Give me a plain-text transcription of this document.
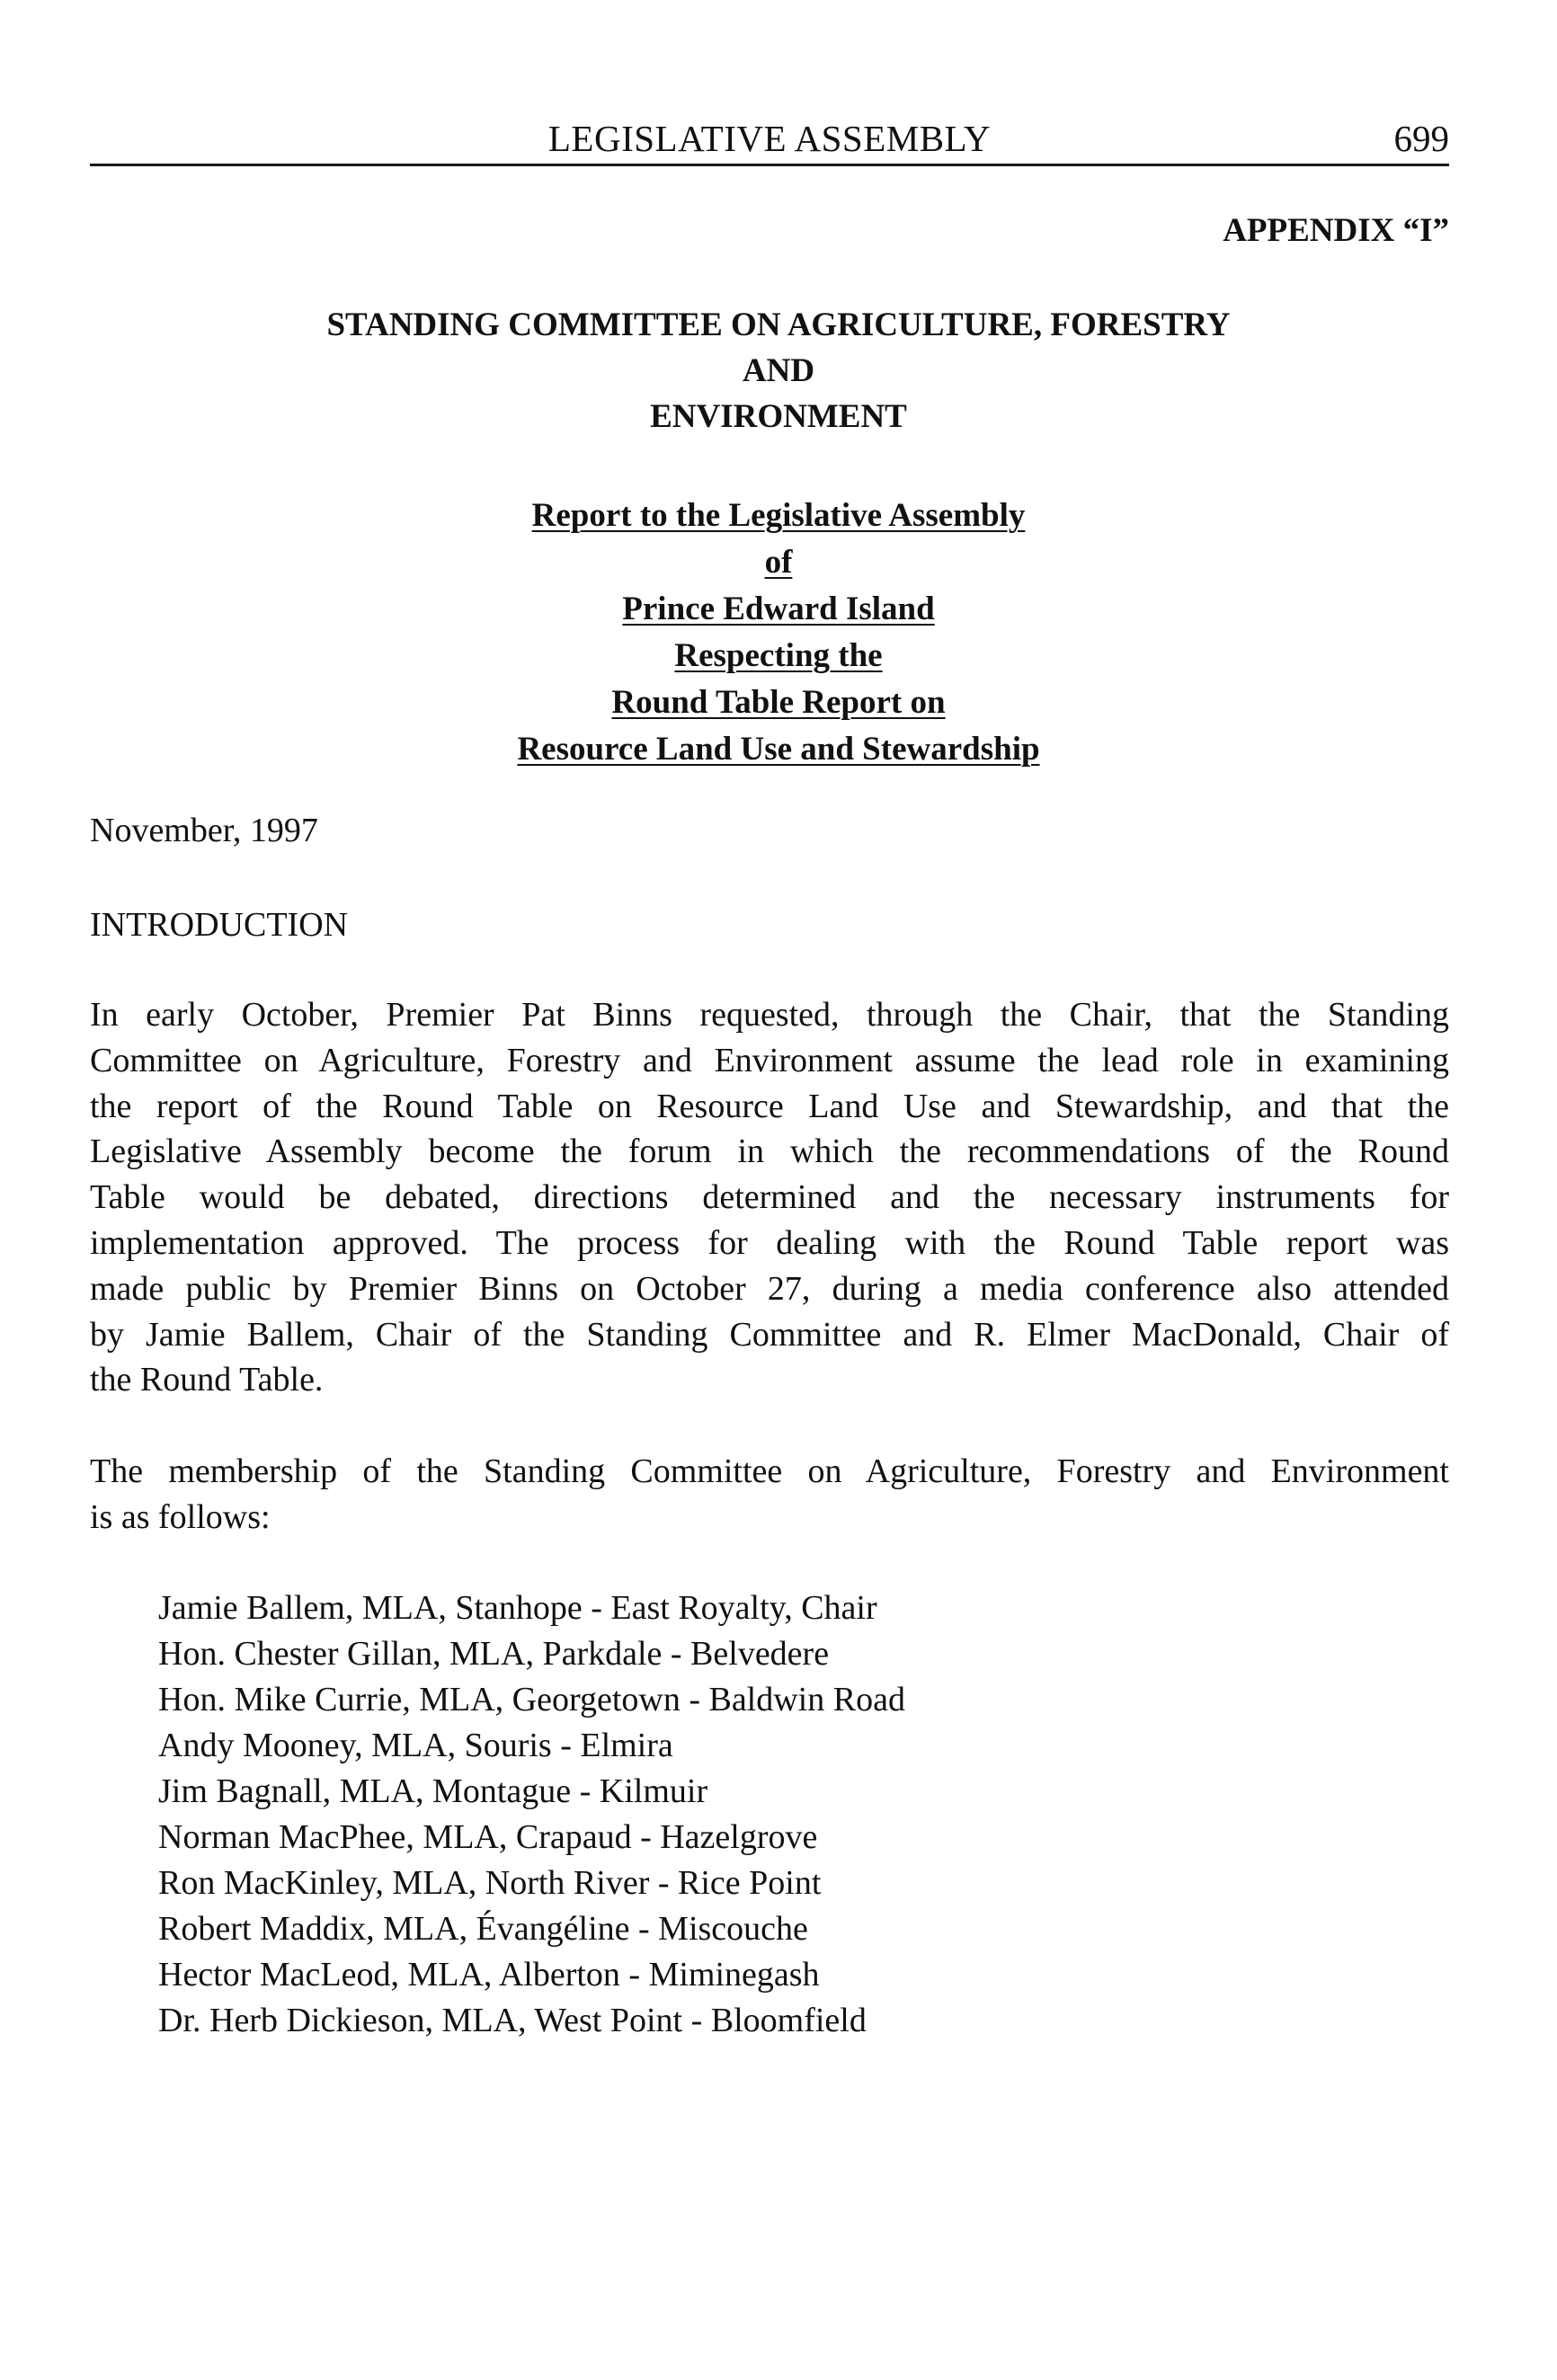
LEGISLATIVE ASSEMBLY	699
APPENDIX “I”
STANDING COMMITTEE ON AGRICULTURE, FORESTRY
AND
ENVIRONMENT
Report to the Legislative Assembly
of
Prince Edward Island
Respecting the
Round Table Report on
Resource Land Use and Stewardship
November, 1997
INTRODUCTION
In early October, Premier Pat Binns requested, through the Chair, that the Standing
Committee on Agriculture, Forestry and Environment assume the lead role in examining
the report of the Round Table on Resource Land Use and Stewardship, and that the
Legislative Assembly become the forum in which the recommendations of the Round
Table would be debated, directions determined and the necessary instruments for
implementation approved. The process for dealing with the Round Table report was
made public by Premier Binns on October 27, during a media conference also attended
by Jamie Ballem, Chair of the Standing Committee and R. Elmer MacDonald, Chair of
the Round Table.
The membership of the Standing Committee on Agriculture, Forestry and Environment
is as follows:
Jamie Ballem, MLA, Stanhope - East Royalty, Chair
Hon. Chester Gillan, MLA, Parkdale - Belvedere
Hon. Mike Currie, MLA, Georgetown - Baldwin Road
Andy Mooney, MLA, Souris - Elmira
Jim Bagnall, MLA, Montague - Kilmuir
Norman MacPhee, MLA, Crapaud - Hazelgrove
Ron MacKinley, MLA, North River - Rice Point
Robert Maddix, MLA, Évangéline - Miscouche
Hector MacLeod, MLA, Alberton - Miminegash
Dr. Herb Dickieson, MLA, West Point - Bloomfield
